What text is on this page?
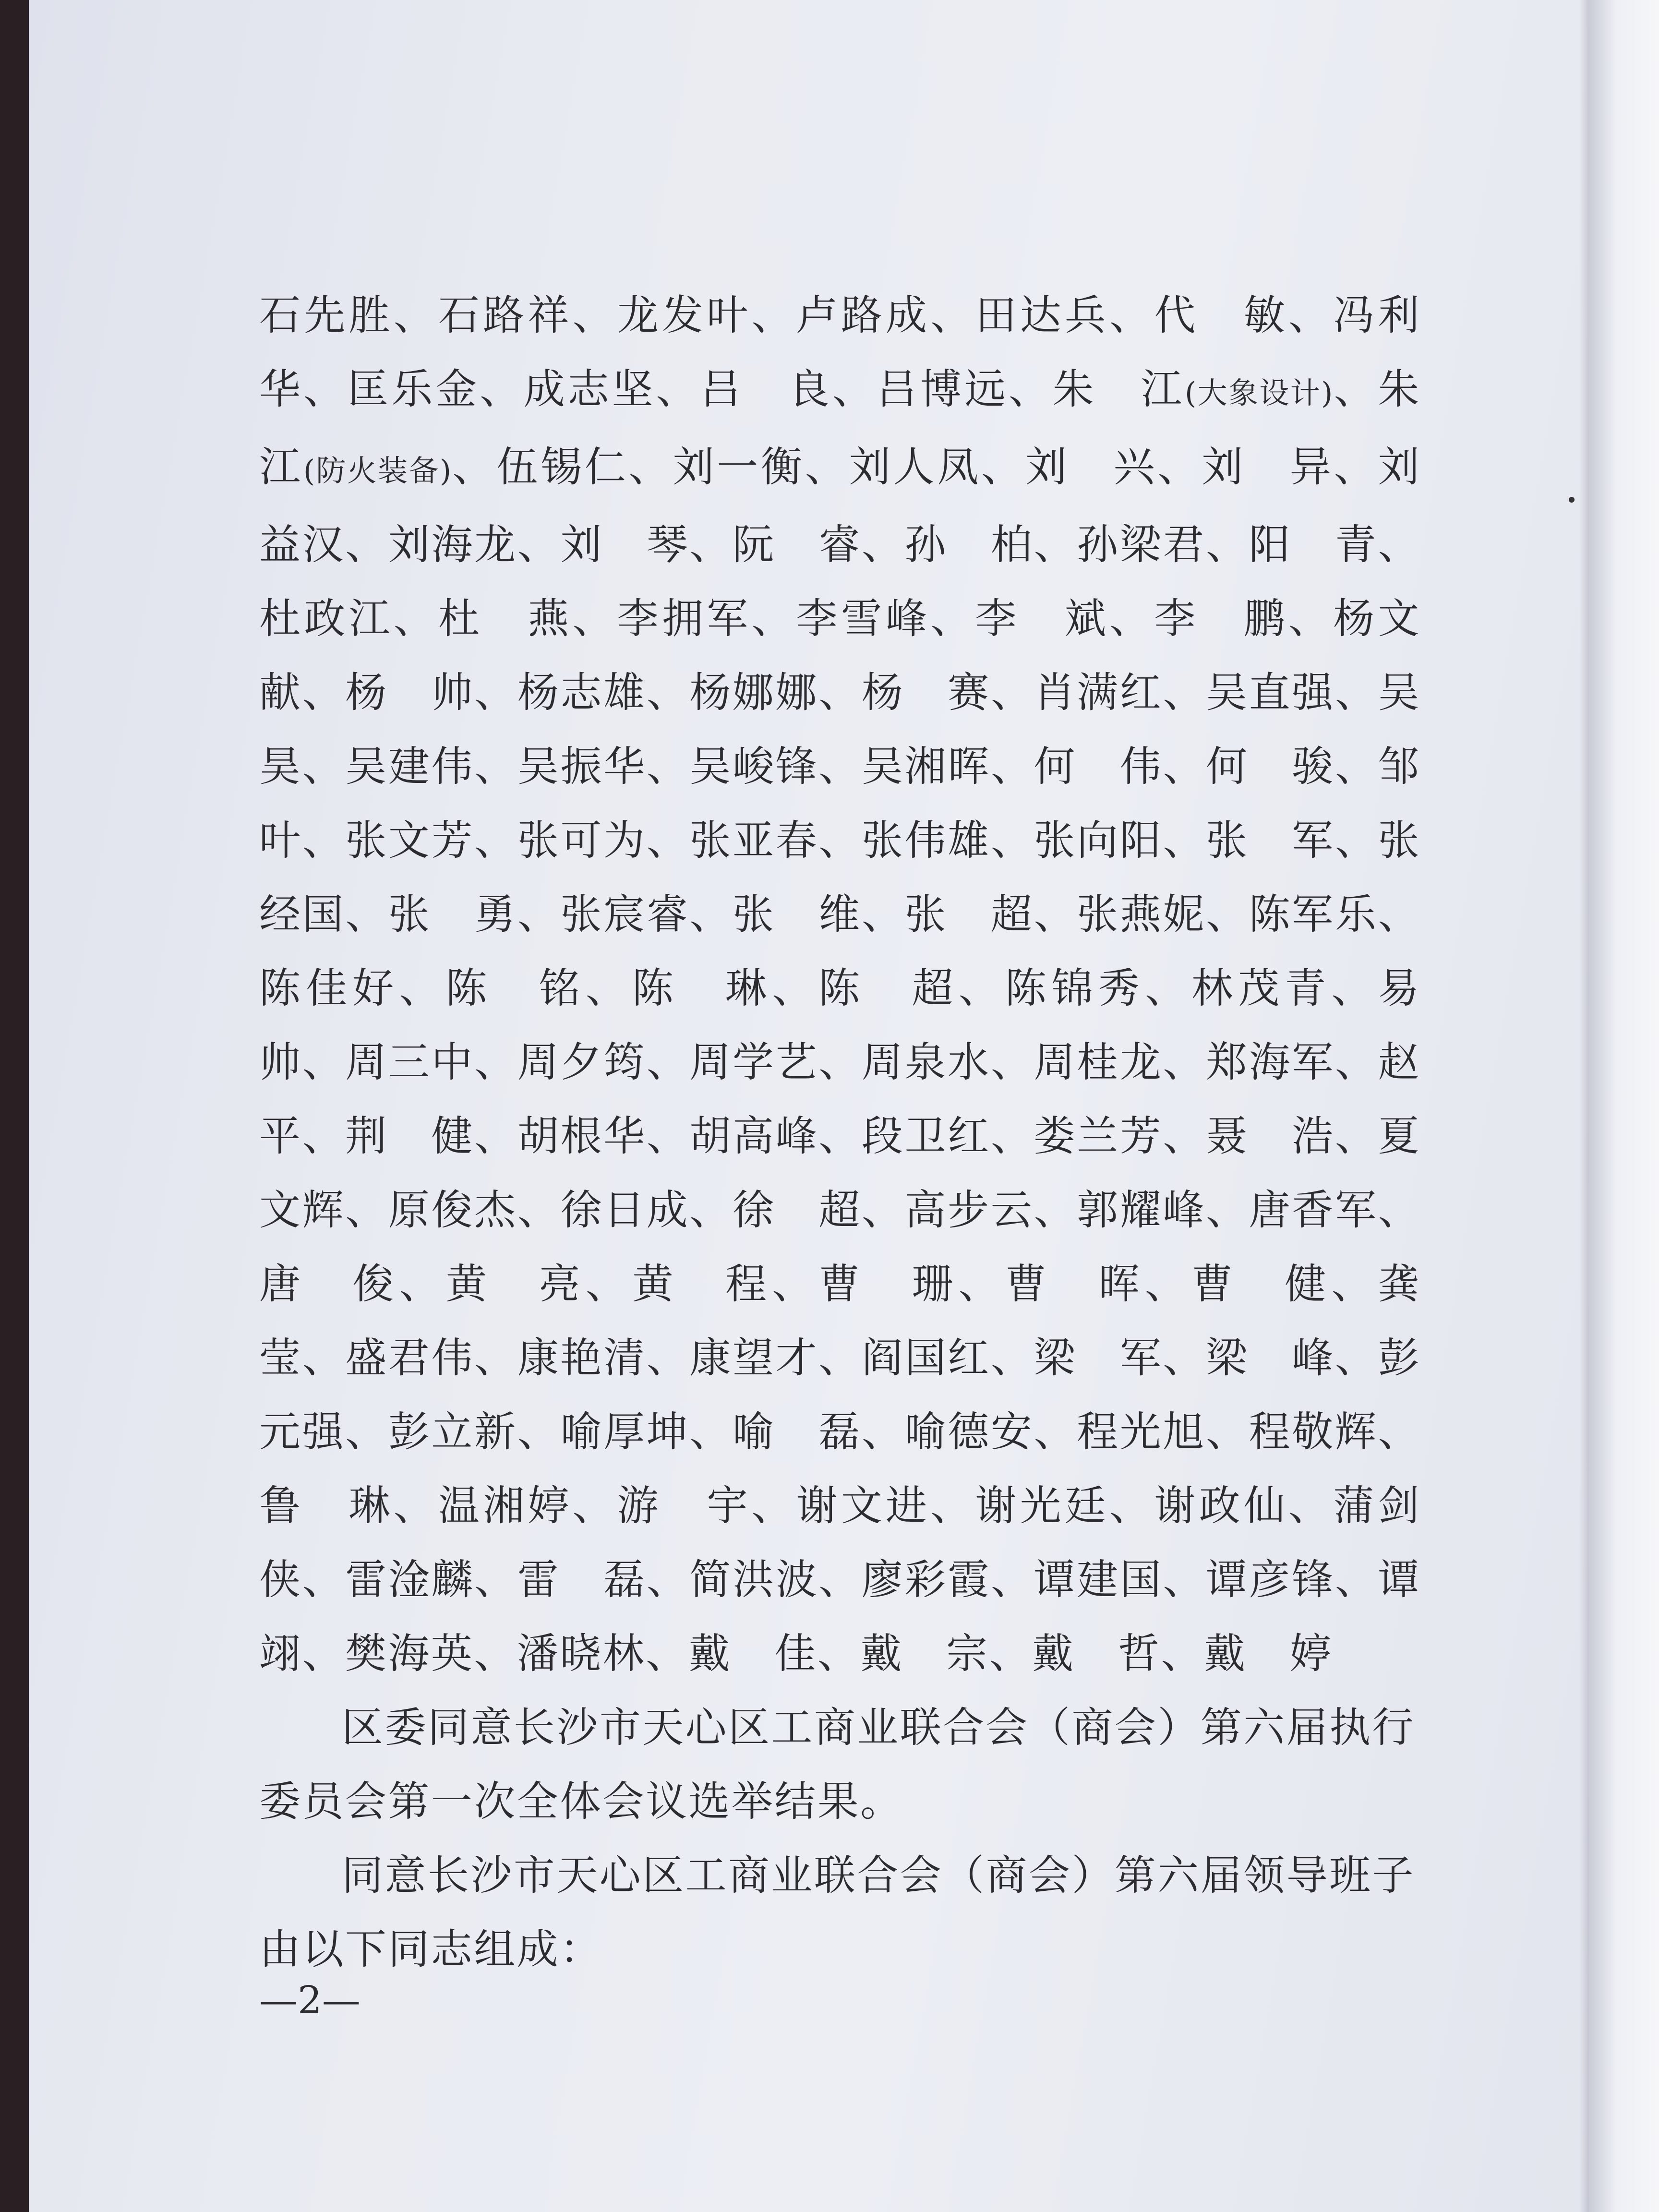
石先胜、石路祥、龙发叶、卢路成、田达兵、代　敏、冯利华、匡乐金、成志坚、吕　良、吕博远、朱　江(大象设计)、朱　江(防火装备)、伍锡仁、刘一衡、刘人凤、刘　兴、刘　异、刘益汉、刘海龙、刘　琴、阮　睿、孙　柏、孙梁君、阳　青、杜政江、杜　燕、李拥军、李雪峰、李　斌、李　鹏、杨文献、杨　帅、杨志雄、杨娜娜、杨　赛、肖满红、吴直强、吴　昊、吴建伟、吴振华、吴峻锋、吴湘晖、何　伟、何　骏、邹　叶、张文芳、张可为、张亚春、张伟雄、张向阳、张　军、张经国、张　勇、张宸睿、张　维、张　超、张燕妮、陈军乐、陈佳好、陈　铭、陈　琳、陈　超、陈锦秀、林茂青、易　帅、周三中、周夕筠、周学艺、周泉水、周桂龙、郑海军、赵　平、荆　健、胡根华、胡高峰、段卫红、娄兰芳、聂　浩、夏文辉、原俊杰、徐日成、徐　超、高步云、郭耀峰、唐香军、唐　俊、黄　亮、黄　程、曹　珊、曹　晖、曹　健、龚　莹、盛君伟、康艳清、康望才、阎国红、梁　军、梁　峰、彭元强、彭立新、喻厚坤、喻　磊、喻德安、程光旭、程敬辉、鲁　琳、温湘婷、游　宇、谢文进、谢光廷、谢政仙、蒲剑侠、雷淦麟、雷　磊、简洪波、廖彩霞、谭建国、谭彦锋、谭　翊、樊海英、潘晓林、戴　佳、戴　宗、戴　哲、戴　婷

区委同意长沙市天心区工商业联合会（商会）第六届执行委员会第一次全体会议选举结果。

同意长沙市天心区工商业联合会（商会）第六届领导班子由以下同志组成：

—2—
